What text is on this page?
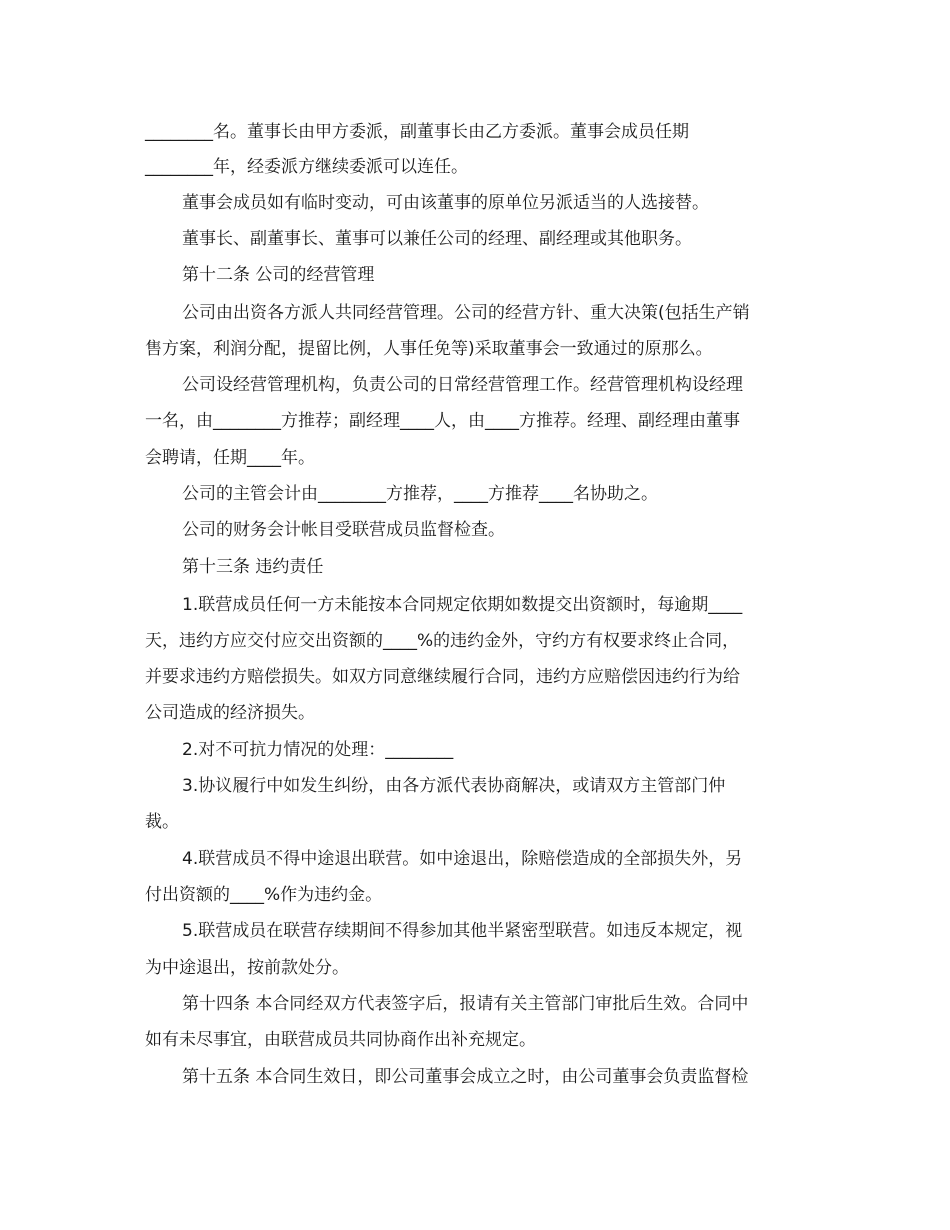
________名。董事长由甲方委派，副董事长由乙方委派。董事会成员任期
________年，经委派方继续委派可以连任。
董事会成员如有临时变动，可由该董事的原单位另派适当的人选接替。
董事长、副董事长、董事可以兼任公司的经理、副经理或其他职务。
第十二条 公司的经营管理
公司由出资各方派人共同经营管理。公司的经营方针、重大决策(包括生产销
售方案，利润分配，提留比例，人事任免等)采取董事会一致通过的原那么。
公司设经营管理机构，负责公司的日常经营管理工作。经营管理机构设经理
一名，由________方推荐；副经理____人，由____方推荐。经理、副经理由董事
会聘请，任期____年。
公司的主管会计由________方推荐，____方推荐____名协助之。
公司的财务会计帐目受联营成员监督检查。
第十三条 违约责任
1.联营成员任何一方未能按本合同规定依期如数提交出资额时，每逾期____
天，违约方应交付应交出资额的____%的违约金外，守约方有权要求终止合同，
并要求违约方赔偿损失。如双方同意继续履行合同，违约方应赔偿因违约行为给
公司造成的经济损失。
2.对不可抗力情况的处理：________
3.协议履行中如发生纠纷，由各方派代表协商解决，或请双方主管部门仲
裁。
4.联营成员不得中途退出联营。如中途退出，除赔偿造成的全部损失外，另
付出资额的____%作为违约金。
5.联营成员在联营存续期间不得参加其他半紧密型联营。如违反本规定，视
为中途退出，按前款处分。
第十四条 本合同经双方代表签字后，报请有关主管部门审批后生效。合同中
如有未尽事宜，由联营成员共同协商作出补充规定。
第十五条 本合同生效日，即公司董事会成立之时，由公司董事会负责监督检
